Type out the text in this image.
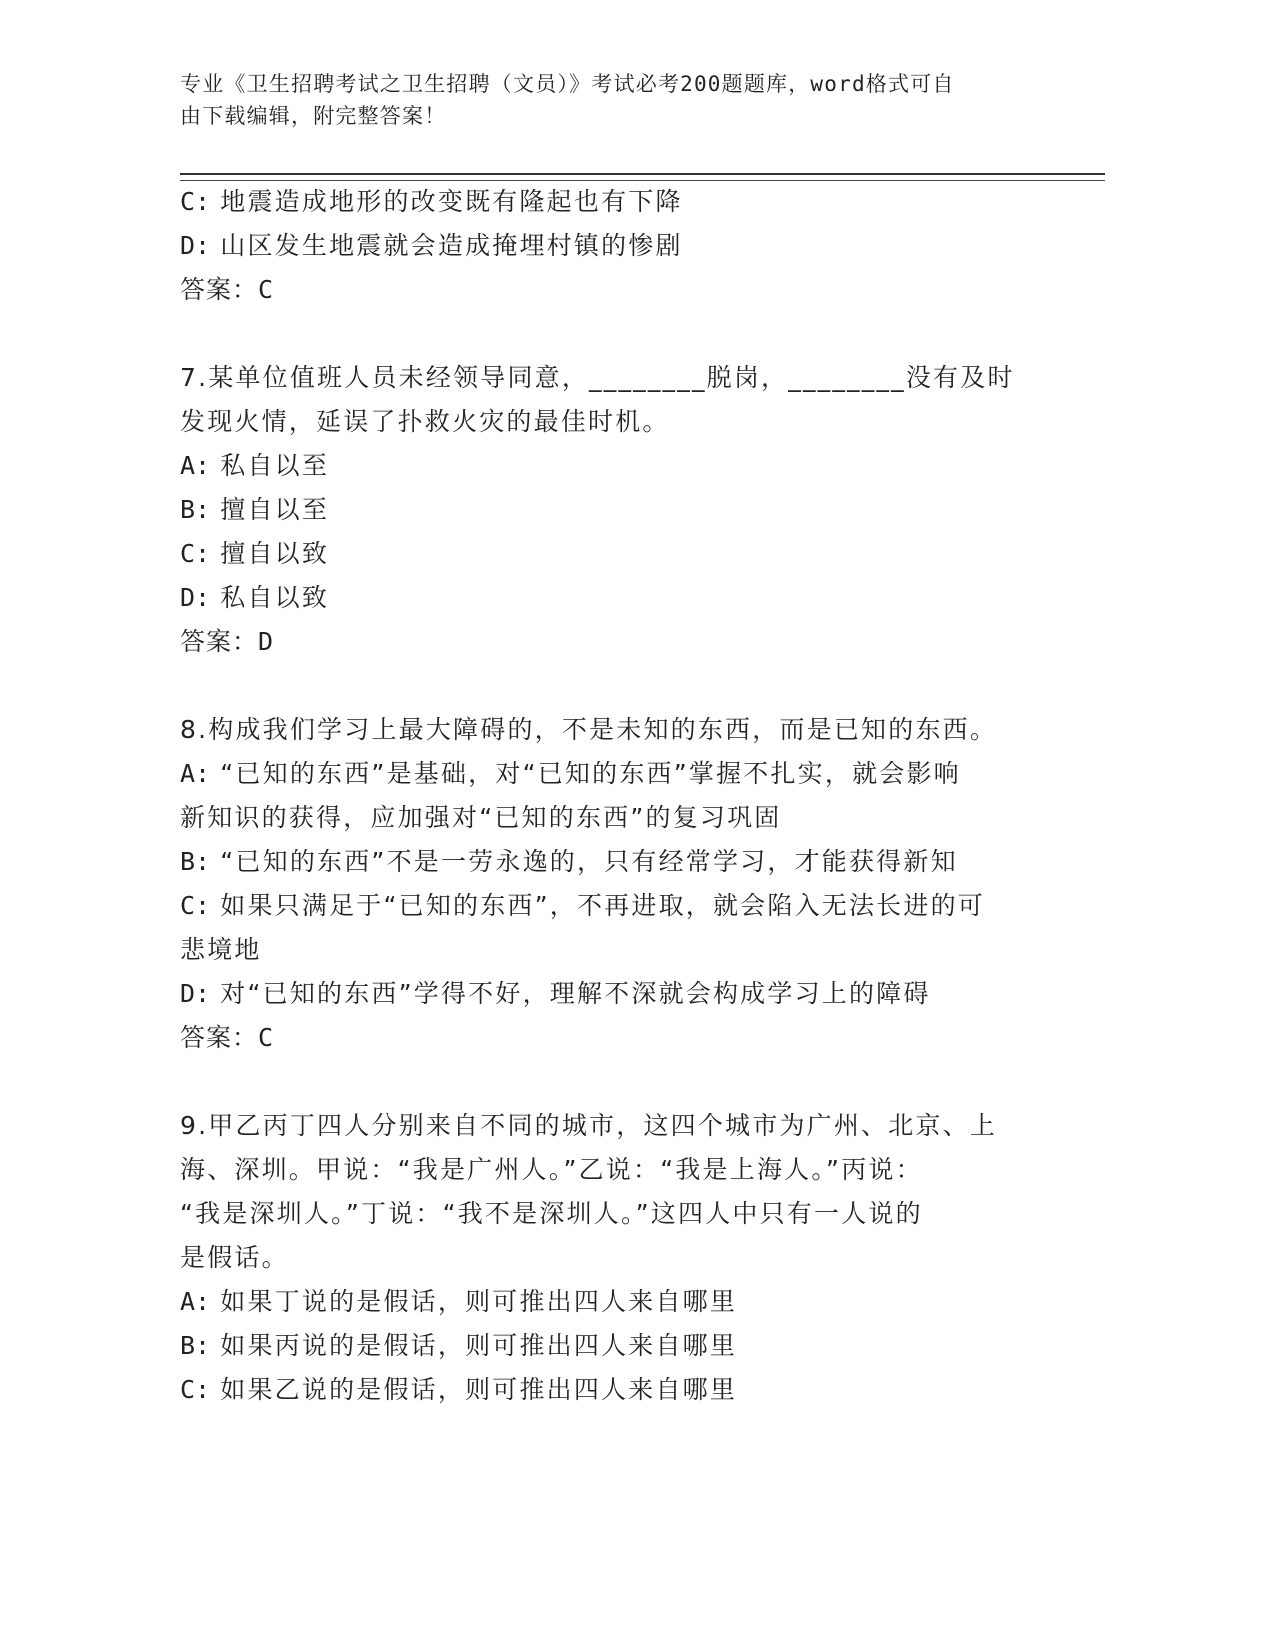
专业《卫生招聘考试之卫生招聘（文员）》考试必考200题题库，word格式可自
由下载编辑，附完整答案！
C: 地震造成地形的改变既有隆起也有下降
D: 山区发生地震就会造成掩埋村镇的惨剧
答案：C
7.某单位值班人员未经领导同意，________脱岗，________没有及时
发现火情，延误了扑救火灾的最佳时机。
A: 私自以至
B: 擅自以至
C: 擅自以致
D: 私自以致
答案：D
8.构成我们学习上最大障碍的，不是未知的东西，而是已知的东西。
A: “已知的东西”是基础，对“已知的东西”掌握不扎实，就会影响
新知识的获得，应加强对“已知的东西”的复习巩固
B: “已知的东西”不是一劳永逸的，只有经常学习，才能获得新知
C: 如果只满足于“已知的东西”，不再进取，就会陷入无法长进的可
悲境地
D: 对“已知的东西”学得不好，理解不深就会构成学习上的障碍
答案：C
9.甲乙丙丁四人分别来自不同的城市，这四个城市为广州、北京、上
海、深圳。甲说：“我是广州人。”乙说：“我是上海人。”丙说：
“我是深圳人。”丁说：“我不是深圳人。”这四人中只有一人说的
是假话。
A: 如果丁说的是假话，则可推出四人来自哪里
B: 如果丙说的是假话，则可推出四人来自哪里
C: 如果乙说的是假话，则可推出四人来自哪里
